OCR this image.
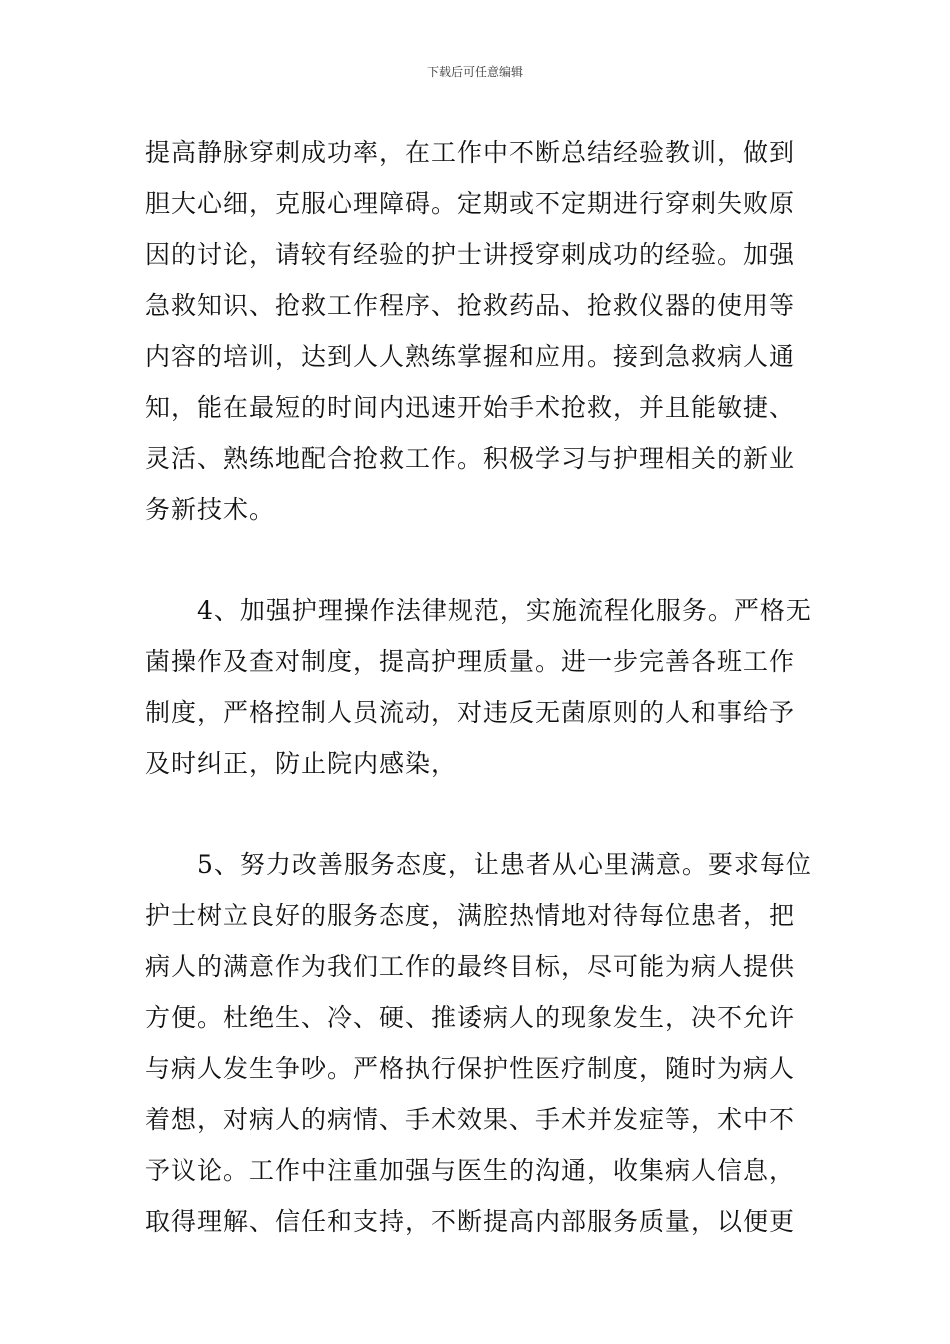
下载后可任意编辑
提高静脉穿刺成功率，在工作中不断总结经验教训，做到
胆大心细，克服心理障碍。定期或不定期进行穿刺失败原
因的讨论，请较有经验的护士讲授穿刺成功的经验。加强
急救知识、抢救工作程序、抢救药品、抢救仪器的使用等
内容的培训，达到人人熟练掌握和应用。接到急救病人通
知，能在最短的时间内迅速开始手术抢救，并且能敏捷、
灵活、熟练地配合抢救工作。积极学习与护理相关的新业
务新技术。
　　4、加强护理操作法律规范，实施流程化服务。严格无
菌操作及查对制度，提高护理质量。进一步完善各班工作
制度，严格控制人员流动，对违反无菌原则的人和事给予
及时纠正，防止院内感染，
　　5、努力改善服务态度，让患者从心里满意。要求每位
护士树立良好的服务态度，满腔热情地对待每位患者，把
病人的满意作为我们工作的最终目标，尽可能为病人提供
方便。杜绝生、冷、硬、推诿病人的现象发生，决不允许
与病人发生争吵。严格执行保护性医疗制度，随时为病人
着想，对病人的病情、手术效果、手术并发症等，术中不
予议论。工作中注重加强与医生的沟通，收集病人信息，
取得理解、信任和支持，不断提高内部服务质量，以便更
